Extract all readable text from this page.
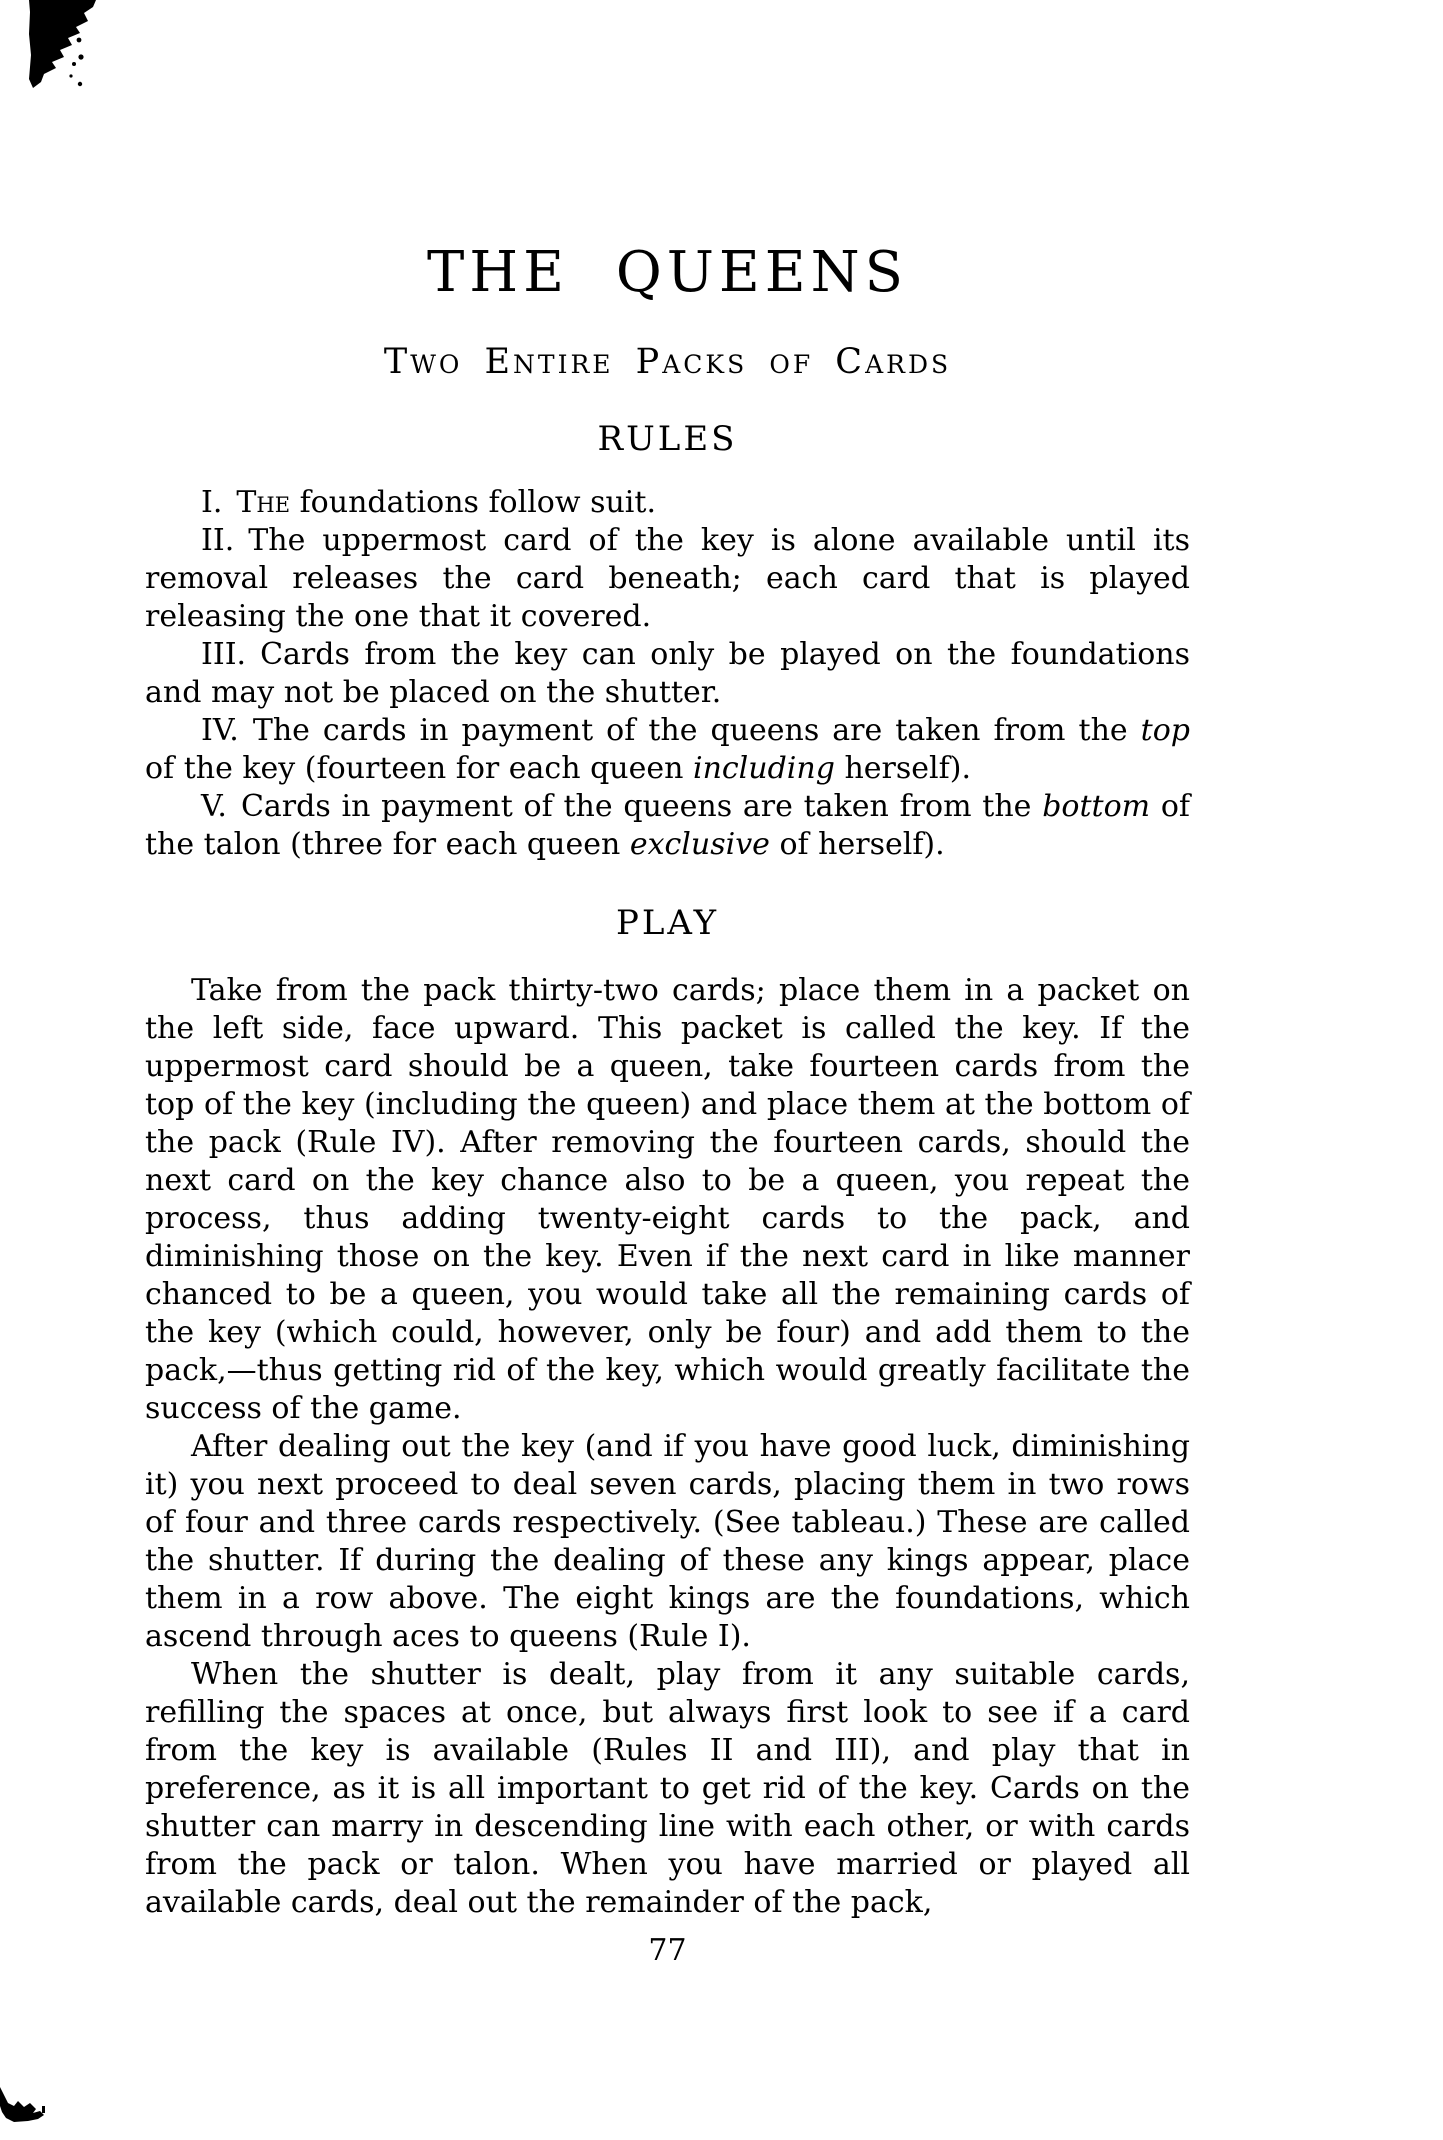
THE QUEENS
Two Entire Packs of Cards
RULES

I. The foundations follow suit.

II. The uppermost card of the key is alone available until its removal releases the card beneath; each card that is played releasing the one that it covered.

III. Cards from the key can only be played on the foundations and may not be placed on the shutter.

IV. The cards in payment of the queens are taken from the top of the key (fourteen for each queen including herself).

V. Cards in payment of the queens are taken from the bottom of the talon (three for each queen exclusive of herself).

PLAY

Take from the pack thirty-two cards; place them in a packet on the left side, face upward. This packet is called the key. If the uppermost card should be a queen, take fourteen cards from the top of the key (including the queen) and place them at the bottom of the pack (Rule IV). After removing the fourteen cards, should the next card on the key chance also to be a queen, you repeat the process, thus adding twenty-eight cards to the pack, and diminishing those on the key. Even if the next card in like manner chanced to be a queen, you would take all the remaining cards of the key (which could, however, only be four) and add them to the pack,—thus getting rid of the key, which would greatly facilitate the success of the game.

After dealing out the key (and if you have good luck, diminishing it) you next proceed to deal seven cards, placing them in two rows of four and three cards respectively. (See tableau.) These are called the shutter. If during the dealing of these any kings appear, place them in a row above. The eight kings are the foundations, which ascend through aces to queens (Rule I).

When the shutter is dealt, play from it any suitable cards, refilling the spaces at once, but always first look to see if a card from the key is available (Rules II and III), and play that in preference, as it is all important to get rid of the key. Cards on the shutter can marry in descending line with each other, or with cards from the pack or talon. When you have married or played all available cards, deal out the remainder of the pack,

77
